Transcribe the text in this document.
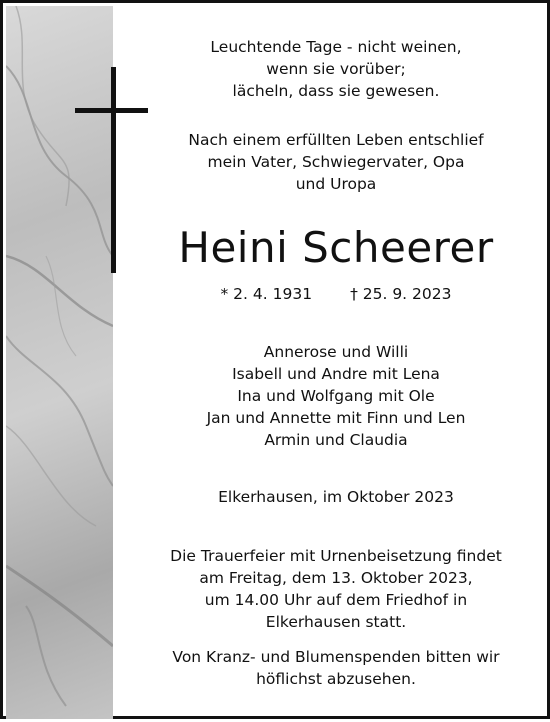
Leuchtende Tage - nicht weinen,
wenn sie vorüber;
lächeln, dass sie gewesen.
Nach einem erfüllten Leben entschlief
mein Vater, Schwiegervater, Opa
und Uropa
Heini Scheerer
* 2. 4. 1931 † 25. 9. 2023
Annerose und Willi
Isabell und Andre mit Lena
Ina und Wolfgang mit Ole
Jan und Annette mit Finn und Len
Armin und Claudia
Elkerhausen, im Oktober 2023
Die Trauerfeier mit Urnenbeisetzung findet
am Freitag, dem 13. Oktober 2023,
um 14.00 Uhr auf dem Friedhof in
Elkerhausen statt.
Von Kranz- und Blumenspenden bitten wir
höflichst abzusehen.
